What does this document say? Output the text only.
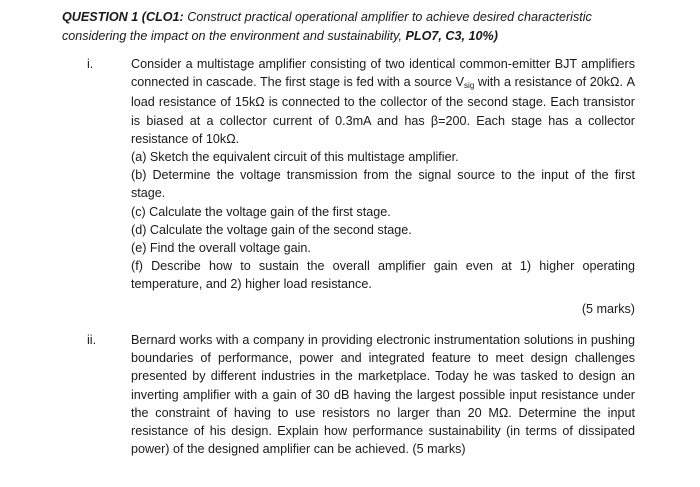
QUESTION 1 (CLO1: Construct practical operational amplifier to achieve desired characteristic
considering the impact on the environment and sustainability, PLO7, C3, 10%)
i.	Consider a multistage amplifier consisting of two identical common-emitter BJT amplifiers connected in cascade. The first stage is fed with a source Vsig with a resistance of 20kΩ. A load resistance of 15kΩ is connected to the collector of the second stage. Each transistor is biased at a collector current of 0.3mA and has β=200. Each stage has a collector resistance of 10kΩ.

(a) Sketch the equivalent circuit of this multistage amplifier.

(b) Determine the voltage transmission from the signal source to the input of the first stage.

(c) Calculate the voltage gain of the first stage.

(d) Calculate the voltage gain of the second stage.

(e) Find the overall voltage gain.

(f) Describe how to sustain the overall amplifier gain even at 1) higher operating temperature, and 2) higher load resistance.

(5 marks)

ii.	Bernard works with a company in providing electronic instrumentation solutions in pushing boundaries of performance, power and integrated feature to meet design challenges presented by different industries in the marketplace. Today he was tasked to design an inverting amplifier with a gain of 30 dB having the largest possible input resistance under the constraint of having to use resistors no larger than 20 MΩ. Determine the input resistance of his design. Explain how performance sustainability (in terms of dissipated power) of the designed amplifier can be achieved. (5 marks)
